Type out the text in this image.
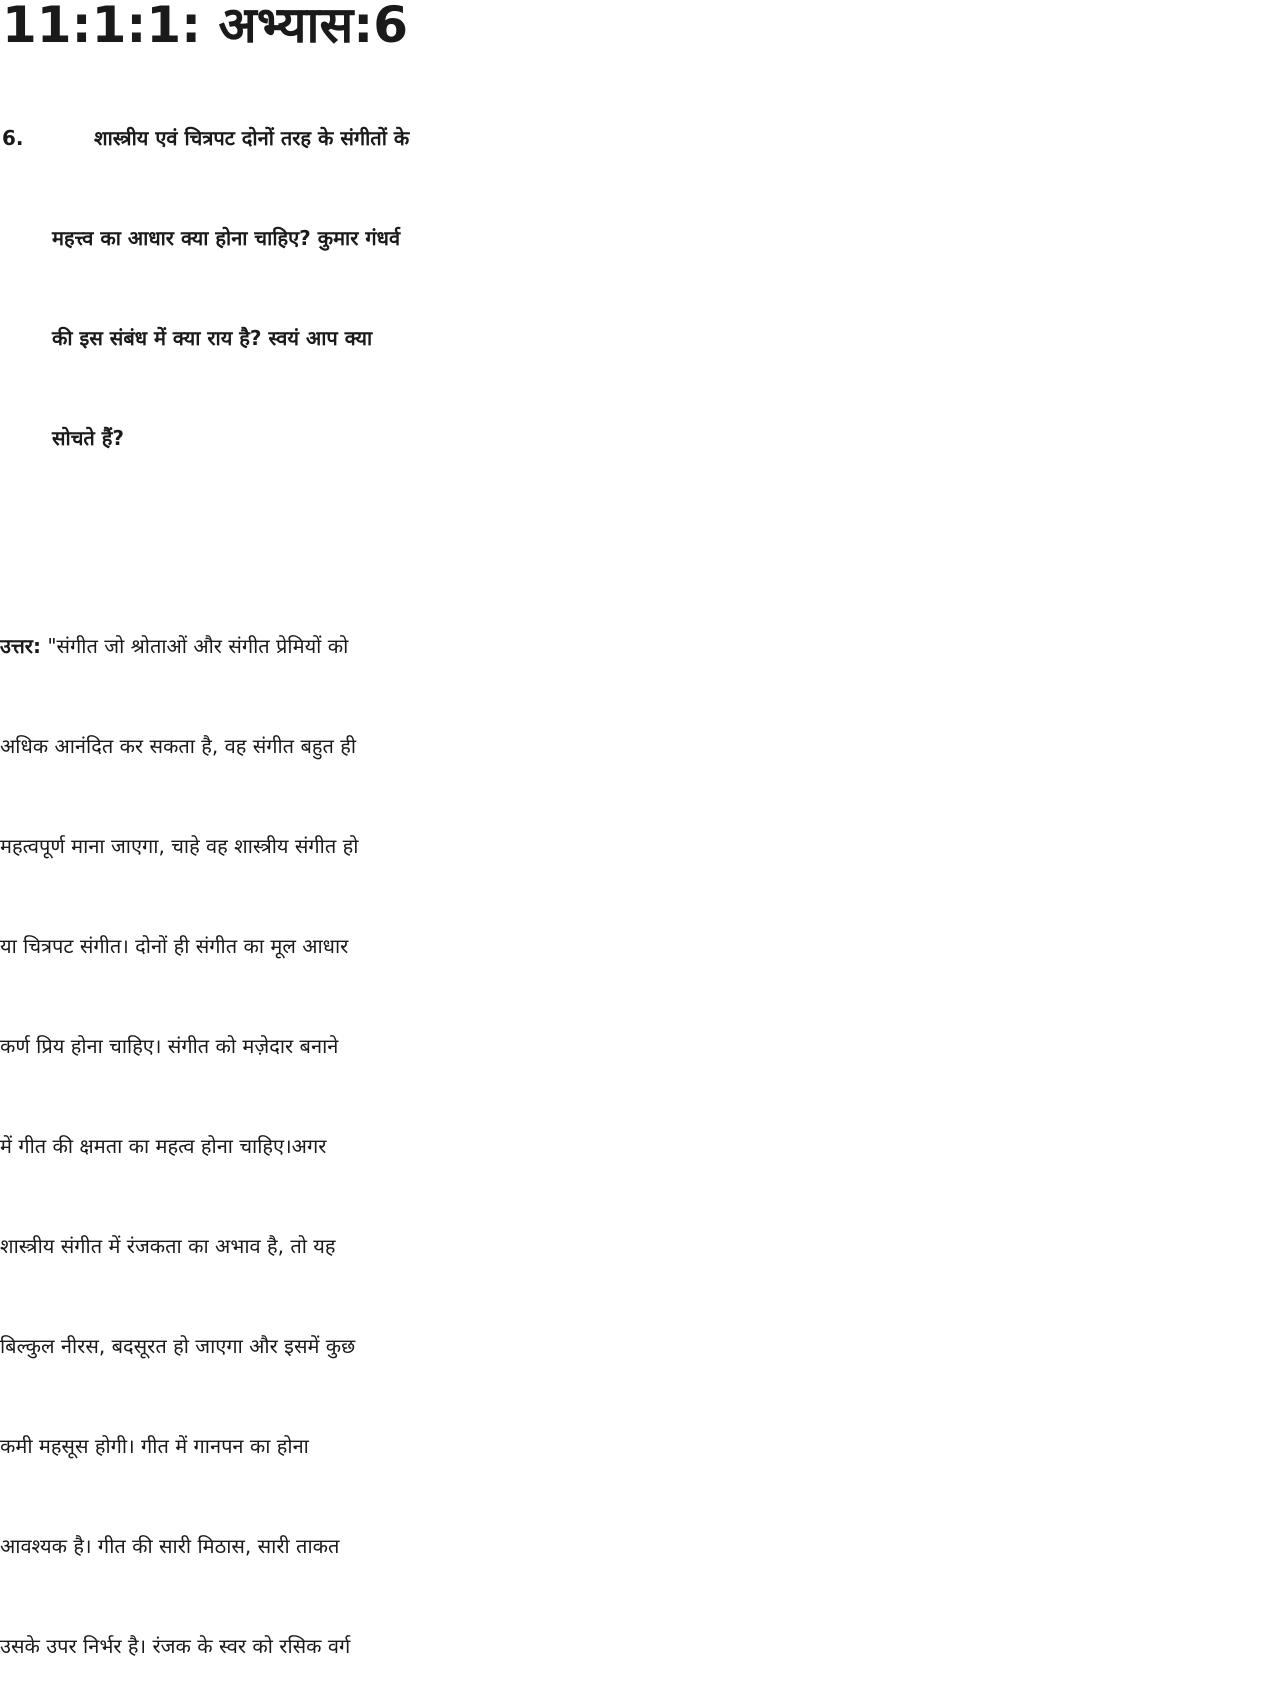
11:1:1: अभ्यास:6
6.	शास्त्रीय एवं चित्रपट दोनों तरह के संगीतों के
महत्त्व का आधार क्या होना चाहिए? कुमार गंधर्व
की इस संबंध में क्या राय है? स्वयं आप क्या
सोचते हैं?
उत्तर: "संगीत जो श्रोताओं और संगीत प्रेमियों को
अधिक आनंदित कर सकता है, वह संगीत बहुत ही
महत्वपूर्ण माना जाएगा, चाहे वह शास्त्रीय संगीत हो
या चित्रपट संगीत। दोनों ही संगीत का मूल आधार
कर्ण प्रिय होना चाहिए। संगीत को मज़ेदार बनाने
में गीत की क्षमता का महत्व होना चाहिए।अगर
शास्त्रीय संगीत में रंजकता का अभाव है, तो यह
बिल्कुल नीरस, बदसूरत हो जाएगा और इसमें कुछ
कमी महसूस होगी। गीत में गानपन का होना
आवश्यक है। गीत की सारी मिठास, सारी ताकत
उसके उपर निर्भर है। रंजक के स्वर को रसिक वर्ग
